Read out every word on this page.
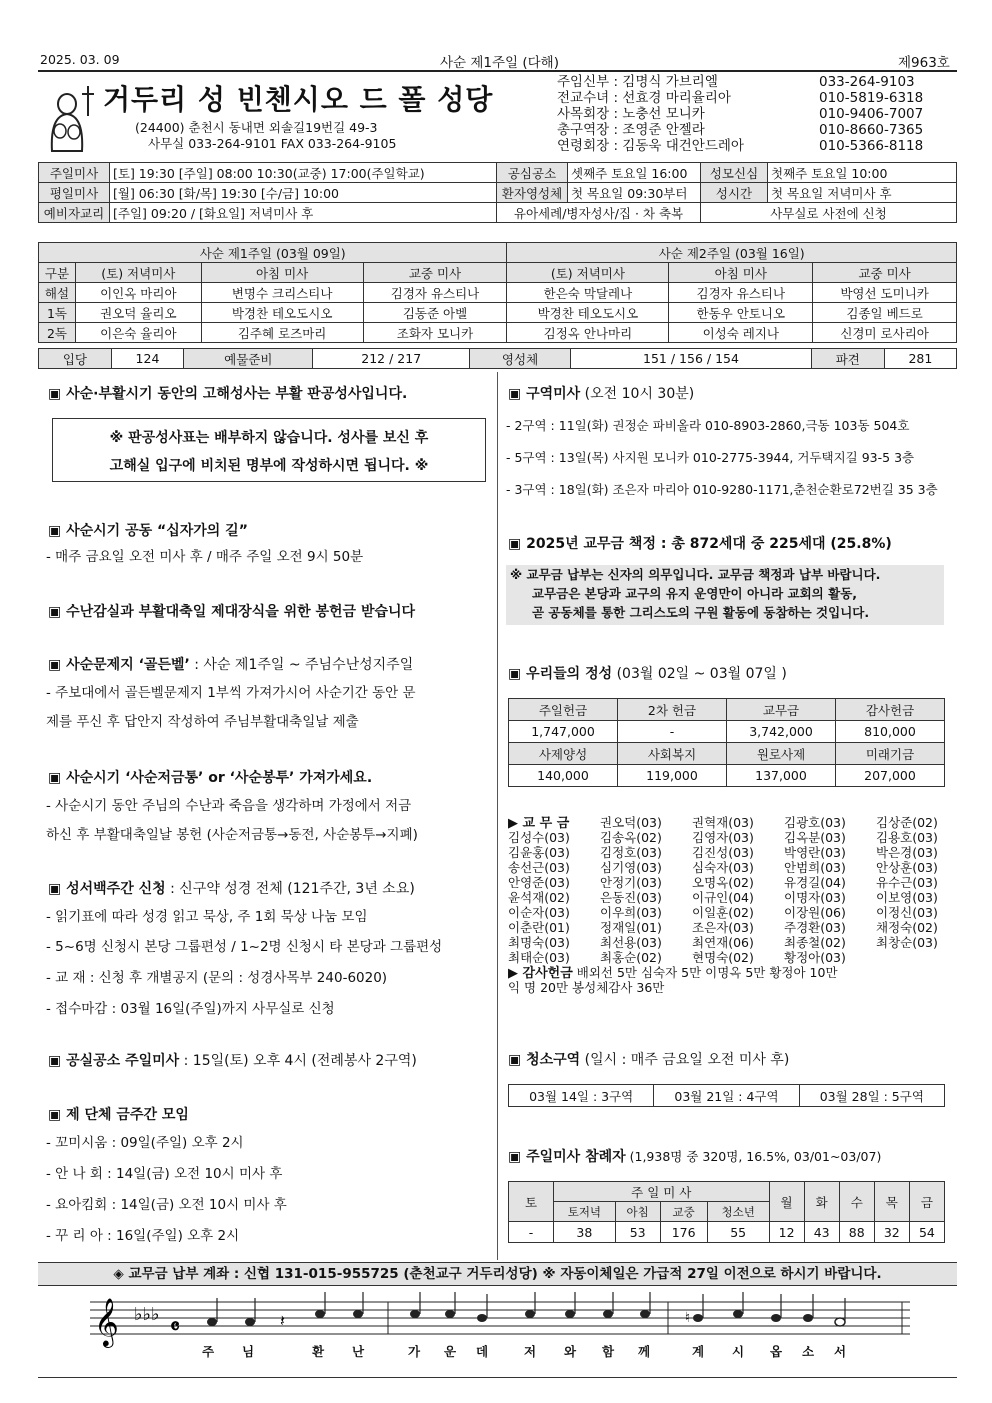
2025. 03. 09	사순 제1주일 (다해)	제963호
거두리 성 빈첸시오 드 폴 성당
(24400) 춘천시 동내면 외솔길19번길 49-3
사무실 033-264-9101 FAX 033-264-9105
주임신부 : 김명식 가브리엘	033-264-9103
전교수녀 : 선효경 마리율리아	010-5819-6318
사목회장 : 노충선 모니카	010-9406-7007
총구역장 : 조영준 안젤라	010-8660-7365
연령회장 : 김동욱 대건안드레아	010-5366-8118
주일미사	[토] 19:30 [주일] 08:00 10:30(교중) 17:00(주일학교)	공심공소	셋째주 토요일 16:00	성모신심	첫째주 토요일 10:00
평일미사	[월] 06:30 [화/목] 19:30 [수/금] 10:00	환자영성체	첫 목요일 09:30부터	성시간	첫 목요일 저녁미사 후
예비자교리	[주일] 09:20 / [화요일] 저녁미사 후	유아세례/병자성사/집 · 차 축복		사무실로 사전에 신청	
사순 제1주일 (03월 09일)				사순 제2주일 (03월 16일)		
구분	(토) 저녁미사	아침 미사	교중 미사	(토) 저녁미사	아침 미사	교중 미사
해설	이인옥 마리아	변명수 크리스티나	김경자 유스티나	한은숙 막달레나	김경자 유스티나	박영선 도미니카
1독	권오덕 율리오	박경찬 테오도시오	김동준 아벨	박경찬 테오도시오	한동우 안토니오	김종일 베드로
2독	이은숙 율리아	김주혜 로즈마리	조화자 모니카	김정옥 안나마리	이성숙 레지나	신경미 로사리아
입당	124	예물준비	212 / 217	영성체	151 / 156 / 154	파견	281
▣ 사순·부활시기 동안의 고해성사는 부활 판공성사입니다.
※ 판공성사표는 배부하지 않습니다. 성사를 보신 후
고해실 입구에 비치된 명부에 작성하시면 됩니다. ※
▣ 사순시기 공동 “십자가의 길”
- 매주 금요일 오전 미사 후 / 매주 주일 오전 9시 50분
▣ 수난감실과 부활대축일 제대장식을 위한 봉헌금 받습니다
▣ 사순문제지 ‘골든벨’ : 사순 제1주일 ~ 주님수난성지주일
- 주보대에서 골든벨문제지 1부씩 가져가시어 사순기간 동안 문
제를 푸신 후 답안지 작성하여 주님부활대축일날 제출
▣ 사순시기 ‘사순저금통’ or ‘사순봉투’ 가져가세요.
- 사순시기 동안 주님의 수난과 죽음을 생각하며 가정에서 저금
하신 후 부활대축일날 봉헌 (사순저금통→동전, 사순봉투→지폐)
▣ 성서백주간 신청 : 신구약 성경 전체 (121주간, 3년 소요)
- 읽기표에 따라 성경 읽고 묵상, 주 1회 묵상 나눔 모임
- 5~6명 신청시 본당 그룹편성 / 1~2명 신청시 타 본당과 그룹편성
- 교 재 : 신청 후 개별공지 (문의 : 성경사목부 240-6020)
- 접수마감 : 03월 16일(주일)까지 사무실로 신청
▣ 공실공소 주일미사 : 15일(토) 오후 4시 (전례봉사 2구역)
▣ 제 단체 금주간 모임
- 꼬미시움 : 09일(주일) 오후 2시
- 안 나 회 : 14일(금) 오전 10시 미사 후
- 요아킴회 : 14일(금) 오전 10시 미사 후
- 꾸 리 아 : 16일(주일) 오후 2시
▣ 구역미사 (오전 10시 30분)
- 2구역 : 11일(화) 권정순 파비올라 010-8903-2860,극동 103동 504호
- 5구역 : 13일(목) 사지원 모니카 010-2775-3944, 거두택지길 93-5 3층
- 3구역 : 18일(화) 조은자 마리아 010-9280-1171,춘천순환로72번길 35 3층
▣ 2025년 교무금 책정 : 총 872세대 중 225세대 (25.8%)
※ 교무금 납부는 신자의 의무입니다. 교무금 책정과 납부 바랍니다.
교무금은 본당과 교구의 유지 운영만이 아니라 교회의 활동,
곧 공동체를 통한 그리스도의 구원 활동에 동참하는 것입니다.
▣ 우리들의 정성 (03월 02일 ~ 03월 07일 )
주일헌금	2차 헌금	교무금	감사헌금
1,747,000	-	3,742,000	810,000
사제양성	사회복지	원로사제	미래기금
140,000	119,000	137,000	207,000
▶ 교 무 금 권오덕(03) 권혁재(03) 김광호(03) 김상준(02)
김성수(03) 김송옥(02) 김영자(03) 김옥분(03) 김용호(03)
김윤홍(03) 김정호(03) 김진성(03) 박영란(03) 박은경(03)
송선근(03) 심기영(03) 심숙자(03) 안범희(03) 안상훈(03)
안영준(03) 안정기(03) 오명옥(02) 유경길(04) 유수근(03)
윤석재(02) 은동진(03) 이규인(04) 이명자(03) 이보영(03)
이순자(03) 이우희(03) 이일훈(02) 이장원(06) 이정신(03)
이춘란(01) 정재일(01) 조은자(03) 주경환(03) 채정숙(02)
최명숙(03) 최선용(03) 최연재(06) 최종철(02) 최창순(03)
최태순(03) 최홍순(02) 현명숙(02) 황정아(03)
▶ 감사헌금 배외선 5만 심숙자 5만 이명옥 5만 황정아 10만
익 명 20만 봉성체감사 36만
▣ 청소구역 (일시 : 매주 금요일 오전 미사 후)
03월 14일 : 3구역	03월 21일 : 4구역	03월 28일 : 5구역
▣ 주일미사 참례자 (1,938명 중 320명, 16.5%, 03/01~03/07)
토	주 일 미 사				월	화	수	목	금
	토저녁	아침	교중	청소년					
-	38	53	176	55	12	43	88	32	54
◈ 교무금 납부 계좌 : 신협 131-015-955725 (춘천교구 거두리성당) ※ 자동이체일은 가급적 27일 이전으로 하시기 바랍니다.
𝄞 ♭♭♭
𝄴	𝄽	♮
주 님	환 난	가 운 데	저 와 함 께	계 시 옵 소 서
